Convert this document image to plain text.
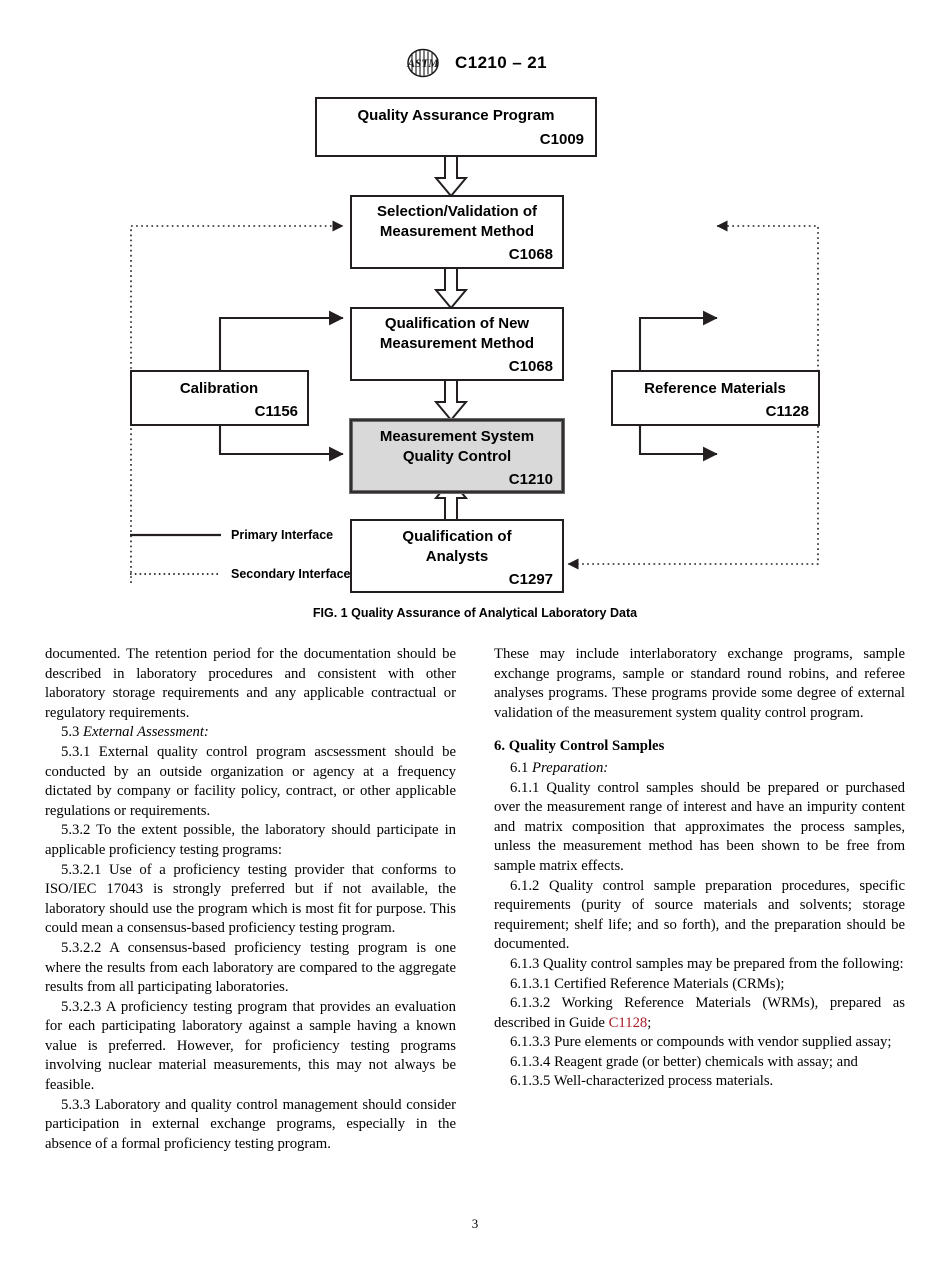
ASTM C1210 – 21
Quality Assurance Program
C1009
Selection/Validation of
Measurement Method
C1068
Qualification of New
Measurement Method
C1068
Calibration
C1156
Reference Materials
C1128
Measurement System
Quality Control
C1210
Qualification of
Analysts
C1297
Primary Interface
Secondary Interface
FIG. 1 Quality Assurance of Analytical Laboratory Data

documented. The retention period for the documentation should be described in laboratory procedures and consistent with other laboratory storage requirements and any applicable contractual or regulatory requirements.

5.3 External Assessment:

5.3.1 External quality control program ascsessment should be conducted by an outside organization or agency at a frequency dictated by company or facility policy, contract, or other applicable regulations or requirements.

5.3.2 To the extent possible, the laboratory should participate in applicable proficiency testing programs:

5.3.2.1 Use of a proficiency testing provider that conforms to ISO/IEC 17043 is strongly preferred but if not available, the laboratory should use the program which is most fit for purpose. This could mean a consensus-based proficiency testing program.

5.3.2.2 A consensus-based proficiency testing program is one where the results from each laboratory are compared to the aggregate results from all participating laboratories.

5.3.2.3 A proficiency testing program that provides an evaluation for each participating laboratory against a sample having a known value is preferred. However, for proficiency testing programs involving nuclear material measurements, this may not always be feasible.

5.3.3 Laboratory and quality control management should consider participation in external exchange programs, especially in the absence of a formal proficiency testing program.

These may include interlaboratory exchange programs, sample exchange programs, sample or standard round robins, and referee analyses programs. These programs provide some degree of external validation of the measurement system quality control program.

6. Quality Control Samples

6.1 Preparation:

6.1.1 Quality control samples should be prepared or purchased over the measurement range of interest and have an impurity content and matrix composition that approximates the process samples, unless the measurement method has been shown to be free from sample matrix effects.

6.1.2 Quality control sample preparation procedures, specific requirements (purity of source materials and solvents; storage requirement; shelf life; and so forth), and the preparation should be documented.

6.1.3 Quality control samples may be prepared from the following:

6.1.3.1 Certified Reference Materials (CRMs);

6.1.3.2 Working Reference Materials (WRMs), prepared as described in Guide C1128;

6.1.3.3 Pure elements or compounds with vendor supplied assay;

6.1.3.4 Reagent grade (or better) chemicals with assay; and

6.1.3.5 Well-characterized process materials.

3
